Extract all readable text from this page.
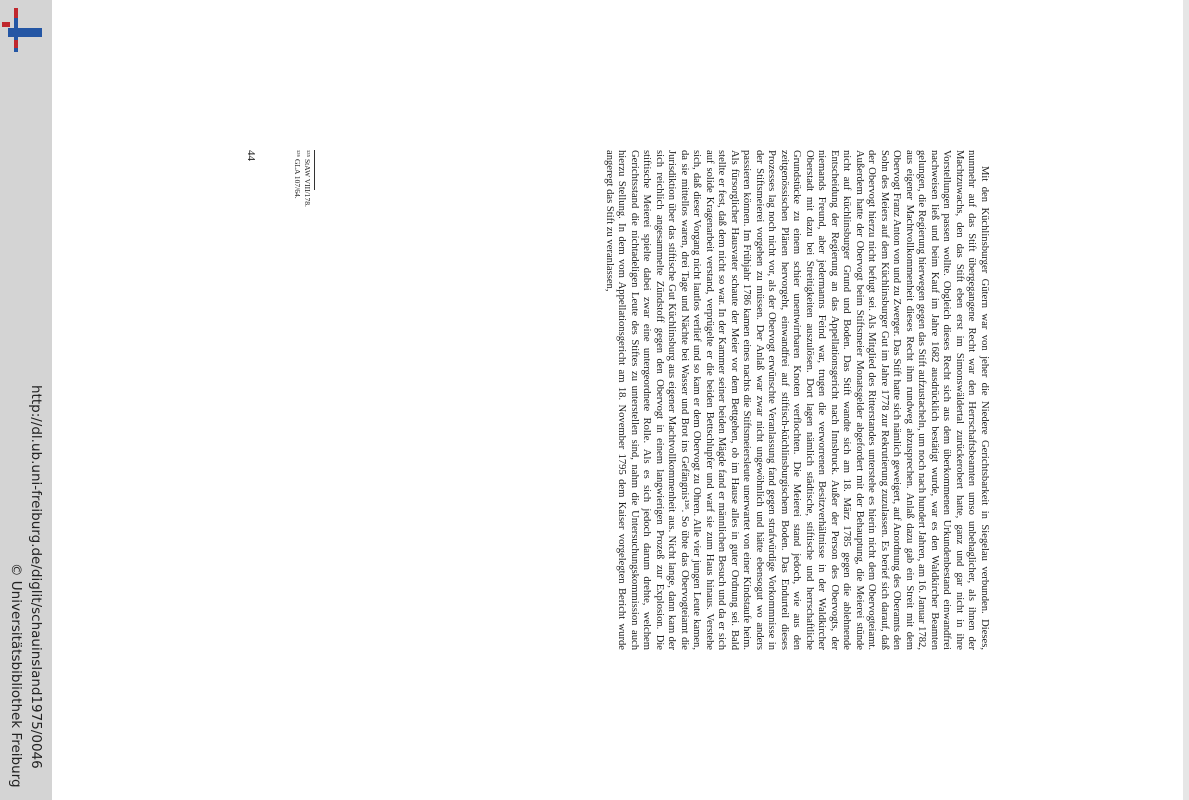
http://dl.ub.uni-freiburg.de/diglit/schauinsland1975/0046
© Universitätsbibliothek Freiburg

Mit den Küchlinsburger Gütern war von jeher die Niedere Gerichtsbarkeit in Siegelau verbunden. Dieses, nunmehr auf das Stift übergegangene Recht war den Herrschaftsbeamten umso unbehaglicher, als ihnen der Machtzuwachs, den das Stift eben erst im Simonswäldertal zurückerobert hatte, ganz und gar nicht in ihre Vorstellungen passen wollte. Obgleich dieses Recht sich aus dem überkommenen Urkundenbestand einwandfrei nachweisen ließ und beim Kauf im Jahre 1682 ausdrücklich bestätigt wurde, war es den Waldkircher Beamten gelungen, die Regierung hierwegen gegen das Stift aufzustacheln, um noch nach hundert Jahren, am 16. Januar 1782, aus eigener Machtvollkommenheit dieses Recht ihm rundweg abzusprechen. Anlaß dazu gab ein Streit mit dem Obervogt Franz Anton von und zu Zwerger. Das Stift hatte sich nämlich geweigert, auf Anordnung des Oberamts den Sohn des Meiers auf dem Küchlinsburger Gut im Jahre 1778 zur Rekrutierung zuzulassen. Es berief sich darauf, daß der Obervogt hierzu nicht befugt sei. Als Mitglied des Ritterstandes unterstehe es hierin nicht dem Obervogteiamt. Außerdem hatte der Obervogt beim Stiftsmeier Monatsgelder abgefordert mit der Behauptung, die Meierei stünde nicht auf küchlinsburger Grund und Boden. Das Stift wandte sich am 18. März 1785 gegen die ablehnende Entscheidung der Regierung an das Appellationsgericht nach Innsbruck. Außer der Person des Obervogts, der niemands Freund, aber jedermanns Feind war, trugen die verworrenen Besitzverhältnisse in der Waldkircher Oberstadt mit dazu bei Streitigkeiten auszulösen. Dort lagen nämlich städtische, stiftische und herrschaftliche Grundstücke zu einem schier unentwirrbaren Knoten verflochten. Die Meierei stand jedoch, wie aus den zeitgenössischen Plänen hervorgeht, einwandfrei auf stiftisch-küchlinsburgischem Boden. Das Endurteil dieses Prozesses lag noch nicht vor, als der Obervogt erwünschte Veranlassung fand gegen strafwürdige Vorkommnisse in der Stiftsmeierei vorgehen zu müssen. Der Anlaß war zwar nicht ungewöhnlich und hätte ebensogut wo anders passieren können. Im Frühjahr 1786 kamen eines nachts die Stiftsmeiersleute unerwartet von einer Kindstaufe heim. Als fürsorglicher Hausvater schaute der Meier vor dem Bettgehen, ob im Hause alles in guter Ordnung sei. Bald stellte er fest, daß dem nicht so war. In der Kammer seiner beiden Mägde fand er männlichen Besuch und da er sich auf solide Kragenarbeit verstand, verprügelte er die beiden Bettschlupfer und warf sie zum Haus hinaus. Verstehe sich, daß dieser Vorgang nicht lautlos verlief und so kam er dem Obervogt zu Ohren. Alle vier jungen Leute kamen, da sie mittellos waren, drei Tage und Nächte bei Wasser und Brot ins Gefängnis¹³⁶. So übte das Obervogteiamt die Jurisdiktion über das stiftische Gut Küchlinsburg aus eigener Machtvollkommenheit aus. Nicht lange, dann kam der sich reichlich angesammelte Zündstoff gegen den Obervogt in einem langwierigen Prozeß zur Explosion. Die stiftische Meierei spielte dabei zwar eine untergeordnete Rolle. Als es sich jedoch darum drehte, welchem Gerichtsstand die nichtadeligen Leute des Stiftes zu unterstellen sind, nahm die Untersuchungskommission auch hierzu Stellung. In dem vom Appellationsgericht am 18. November 1795 dem Kaiser vorgelegten Bericht wurde angeregt das Stift zu veranlassen,

¹³⁵ StAW VIII/178.
¹³⁶ GLA 107/64.
44
